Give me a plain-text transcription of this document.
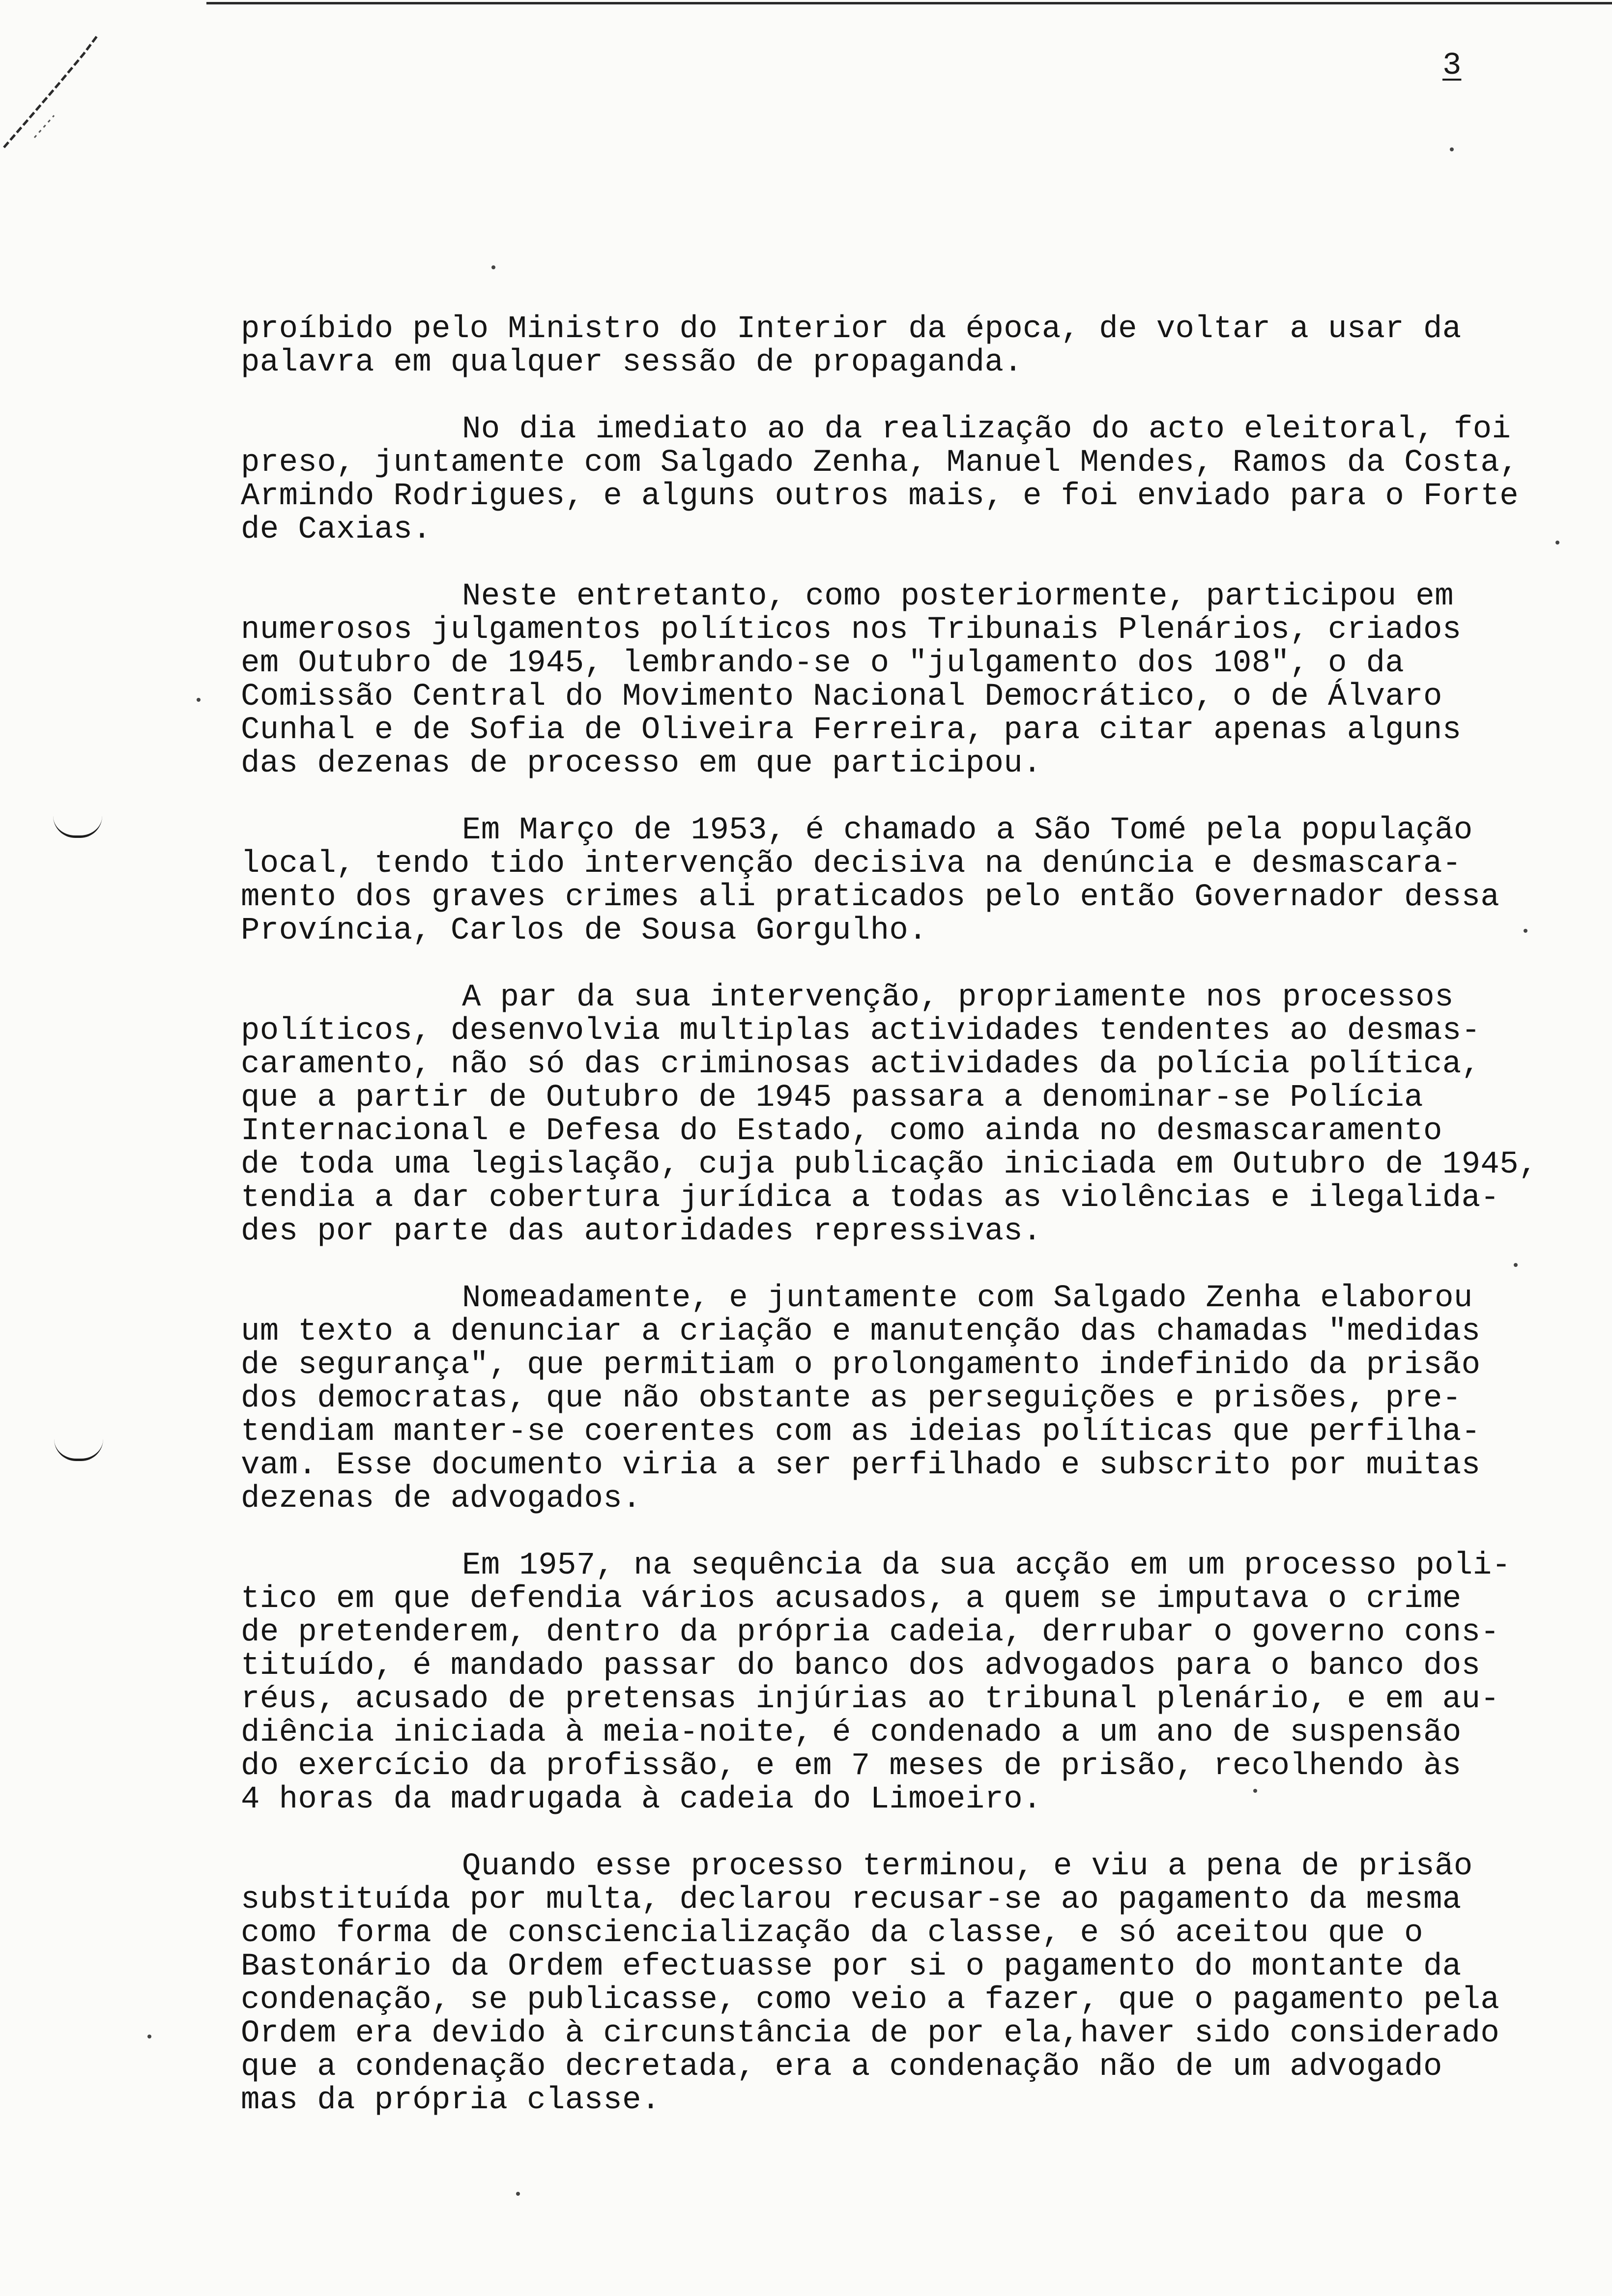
3
proíbido pelo Ministro do Interior da época, de voltar a usar da
palavra em qualquer sessão de propaganda.
No dia imediato ao da realização do acto eleitoral, foi
preso, juntamente com Salgado Zenha, Manuel Mendes, Ramos da Costa,
Armindo Rodrigues, e alguns outros mais, e foi enviado para o Forte
de Caxias.
Neste entretanto, como posteriormente, participou em
numerosos julgamentos políticos nos Tribunais Plenários, criados
em Outubro de 1945, lembrando-se o "julgamento dos 108", o da
Comissão Central do Movimento Nacional Democrático, o de Álvaro
Cunhal e de Sofia de Oliveira Ferreira, para citar apenas alguns
das dezenas de processo em que participou.
Em Março de 1953, é chamado a São Tomé pela população
local, tendo tido intervenção decisiva na denúncia e desmascara-
mento dos graves crimes ali praticados pelo então Governador dessa
Província, Carlos de Sousa Gorgulho.
A par da sua intervenção, propriamente nos processos
políticos, desenvolvia multiplas actividades tendentes ao desmas-
caramento, não só das criminosas actividades da polícia política,
que a partir de Outubro de 1945 passara a denominar-se Polícia
Internacional e Defesa do Estado, como ainda no desmascaramento
de toda uma legislação, cuja publicação iniciada em Outubro de 1945,
tendia a dar cobertura jurídica a todas as violências e ilegalida-
des por parte das autoridades repressivas.
Nomeadamente, e juntamente com Salgado Zenha elaborou
um texto a denunciar a criação e manutenção das chamadas "medidas
de segurança", que permitiam o prolongamento indefinido da prisão
dos democratas, que não obstante as perseguições e prisões, pre-
tendiam manter-se coerentes com as ideias políticas que perfilha-
vam. Esse documento viria a ser perfilhado e subscrito por muitas
dezenas de advogados.
Em 1957, na sequência da sua acção em um processo poli-
tico em que defendia vários acusados, a quem se imputava o crime
de pretenderem, dentro da própria cadeia, derrubar o governo cons-
tituído, é mandado passar do banco dos advogados para o banco dos
réus, acusado de pretensas injúrias ao tribunal plenário, e em au-
diência iniciada à meia-noite, é condenado a um ano de suspensão
do exercício da profissão, e em 7 meses de prisão, recolhendo às
4 horas da madrugada à cadeia do Limoeiro.
Quando esse processo terminou, e viu a pena de prisão
substituída por multa, declarou recusar-se ao pagamento da mesma
como forma de consciencialização da classe, e só aceitou que o
Bastonário da Ordem efectuasse por si o pagamento do montante da
condenação, se publicasse, como veio a fazer, que o pagamento pela
Ordem era devido à circunstância de por ela,haver sido considerado
que a condenação decretada, era a condenação não de um advogado
mas da própria classe.
